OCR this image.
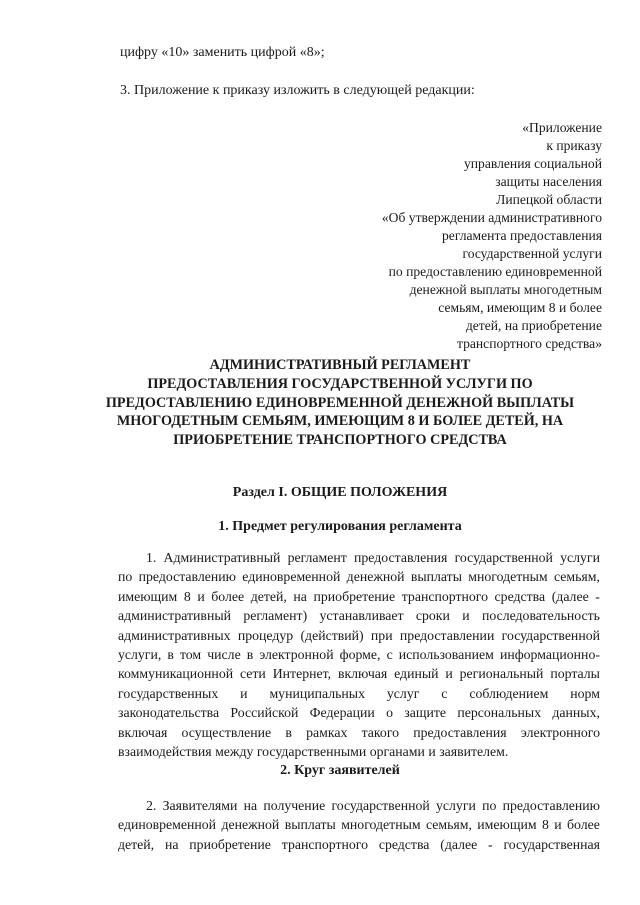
цифру «10» заменить цифрой «8»;
3. Приложение к приказу изложить в следующей редакции:
«Приложение
к приказу
управления социальной
защиты населения
Липецкой области
«Об утверждении административного
регламента предоставления
государственной услуги
по предоставлению единовременной
денежной выплаты многодетным
семьям, имеющим 8 и более
детей, на приобретение
транспортного средства»
АДМИНИСТРАТИВНЫЙ РЕГЛАМЕНТ
ПРЕДОСТАВЛЕНИЯ ГОСУДАРСТВЕННОЙ УСЛУГИ ПО
ПРЕДОСТАВЛЕНИЮ ЕДИНОВРЕМЕННОЙ ДЕНЕЖНОЙ ВЫПЛАТЫ
МНОГОДЕТНЫМ СЕМЬЯМ, ИМЕЮЩИМ 8 И БОЛЕЕ ДЕТЕЙ, НА
ПРИОБРЕТЕНИЕ ТРАНСПОРТНОГО СРЕДСТВА
Раздел I. ОБЩИЕ ПОЛОЖЕНИЯ
1. Предмет регулирования регламента
1. Административный регламент предоставления государственной услуги
по предоставлению единовременной денежной выплаты многодетным семьям,
имеющим 8 и более детей, на приобретение транспортного средства (далее -
административный регламент) устанавливает сроки и последовательность
административных процедур (действий) при предоставлении государственной
услуги, в том числе в электронной форме, с использованием информационно-
коммуникационной сети Интернет, включая единый и региональный порталы
государственных и муниципальных услуг с соблюдением норм
законодательства Российской Федерации о защите персональных данных,
включая осуществление в рамках такого предоставления электронного
взаимодействия между государственными органами и заявителем.
2. Круг заявителей
2. Заявителями на получение государственной услуги по предоставлению
единовременной денежной выплаты многодетным семьям, имеющим 8 и более
детей, на приобретение транспортного средства (далее - государственная
